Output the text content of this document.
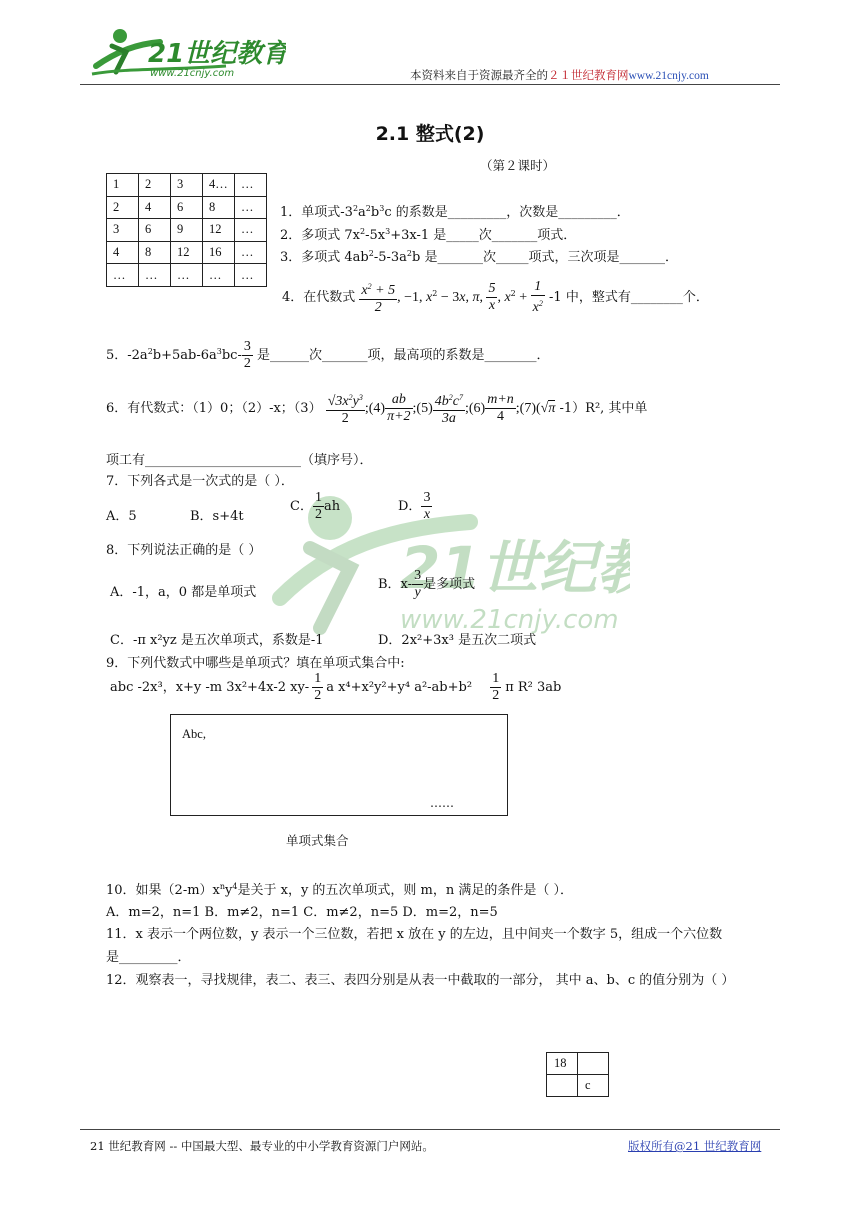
21世纪教育
www.21cnjy.com	本资料来自于资源最齐全的２１世纪教育网www.21cnjy.com
21世纪
www.21cnjy.com
2.1 整式(2)
（第２课时）
1	2	3	4…	…
2	4	6	8	…
3	6	9	12	…
4	8	12	16	…
…	…	…	…	…
1．单项式$-3^2a^2b^3c$ 的系数是_________，次数是_________．
2．多项式 $7x^2-5x^3+3x-1$ 是_____次_______项式．
3．多项式 $4ab^2-5-3a^2b$ 是_______次_____项式，三次项是_______．
4．在代数式 $\frac{x^2 + 5}{2}$ , −1, $x^2 - 3x$, π, $\frac{5}{x}$ , $x^2 + \frac{1}{x^2} -1$ 中，整式有________个．
5．$-2a^2b+5ab-6a^3bc- \frac{3}{2}$ 是______次_______项，最高项的系数是________．
6．有代数式：（1）0；（2）-x；$(3) \frac{√3x^2y^3}{2}$ ;(4) $\frac{ab}{\pi+2}$ ;(5) $\frac{4b^2c^7}{3a}$ ;(6) $\frac{m+n}{4}$ ;(7)(√π -1）R², 其中单
项工有________________________（填序号）．
7．下列各式是一次式的是（ ）．
A．5	B．s+4t
C． $\frac{1}{2}$ ah	D． $\frac{3}{x}$
8．下列说法正确的是（ ）
A．-1，a，0 都是单项式
B．$x- \frac{3}{y}$ 是多项式
C．-π x²yz 是五次单项式，系数是-1	D．2x²+3x³ 是五次二项式
9．下列代数式中哪些是单项式？填在单项式集合中:
abc -2x³，x+y -m 3x²+4x-2 $xy- \frac{1}{2}$ a x⁴+x²y²+y⁴ $a^2-ab+b^2 \frac{1}{2}$ π R² 3ab
Abc,
……
单项式集合
10．如果$(2-m)x^ny^4$是关于 x，y 的五次单项式，则 m，n 满足的条件是（ ）．
A．m=2，n=1 B．m≠2，n=1 C．m≠2，n=5 D．m=2，n=5
11．x 表示一个两位数，y 表示一个三位数，若把 x 放在 y 的左边，且中间夹一个数字 5，组成一个六位数
是_________．
12．观察表一，寻找规律，表二、表三、表四分别是从表一中截取的一部分， 其中 a、b、c 的值分别为（ ）
18	
	c
21 世纪教育网 -- 中国最大型、最专业的中小学教育资源门户网站。	版权所有@21 世纪教育网
